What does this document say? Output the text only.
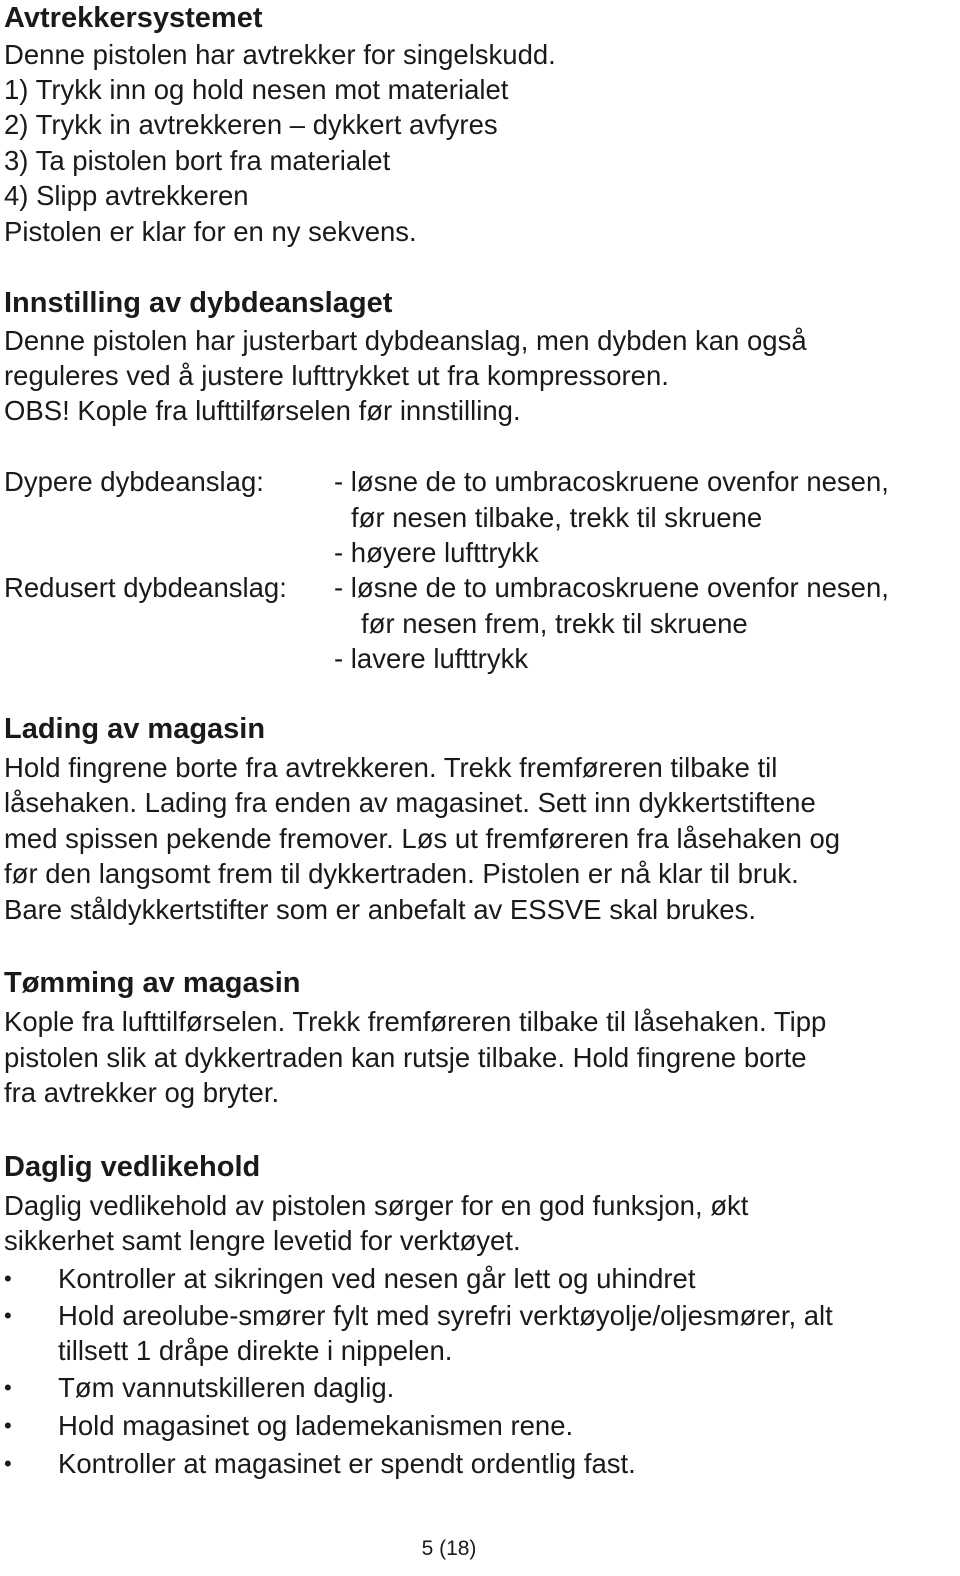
Avtrekkersystemet
Denne pistolen har avtrekker for singelskudd.
1) Trykk inn og hold nesen mot materialet
2) Trykk in avtrekkeren – dykkert avfyres
3) Ta pistolen bort fra materialet
4) Slipp avtrekkeren
Pistolen er klar for en ny sekvens.
Innstilling av dybdeanslaget
Denne pistolen har justerbart dybdeanslag, men dybden kan også
reguleres ved å justere lufttrykket ut fra kompressoren.
OBS! Kople fra lufttilførselen før innstilling.
Dypere dybdeanslag:	- løsne de to umbracoskruene ovenfor nesen,
før nesen tilbake, trekk til skruene
- høyere lufttrykk
Redusert dybdeanslag: - løsne de to umbracoskruene ovenfor nesen,
før nesen frem, trekk til skruene
- lavere lufttrykk
Lading av magasin
Hold fingrene borte fra avtrekkeren. Trekk fremføreren tilbake til
låsehaken. Lading fra enden av magasinet. Sett inn dykkertstiftene
med spissen pekende fremover. Løs ut fremføreren fra låsehaken og
før den langsomt frem til dykkertraden. Pistolen er nå klar til bruk.
Bare ståldykkertstifter som er anbefalt av ESSVE skal brukes.
Tømming av magasin
Kople fra lufttilførselen. Trekk fremføreren tilbake til låsehaken. Tipp
pistolen slik at dykkertraden kan rutsje tilbake. Hold fingrene borte
fra avtrekker og bryter.
Daglig vedlikehold
Daglig vedlikehold av pistolen sørger for en god funksjon, økt
sikkerhet samt lengre levetid for verktøyet.
• Kontroller at sikringen ved nesen går lett og uhindret
• Hold areolube-smører fylt med syrefri verktøyolje/oljesmører, alt
tillsett 1 dråpe direkte i nippelen.
• Tøm vannutskilleren daglig.
• Hold magasinet og lademekanismen rene.
• Kontroller at magasinet er spendt ordentlig fast.
5 (18)
